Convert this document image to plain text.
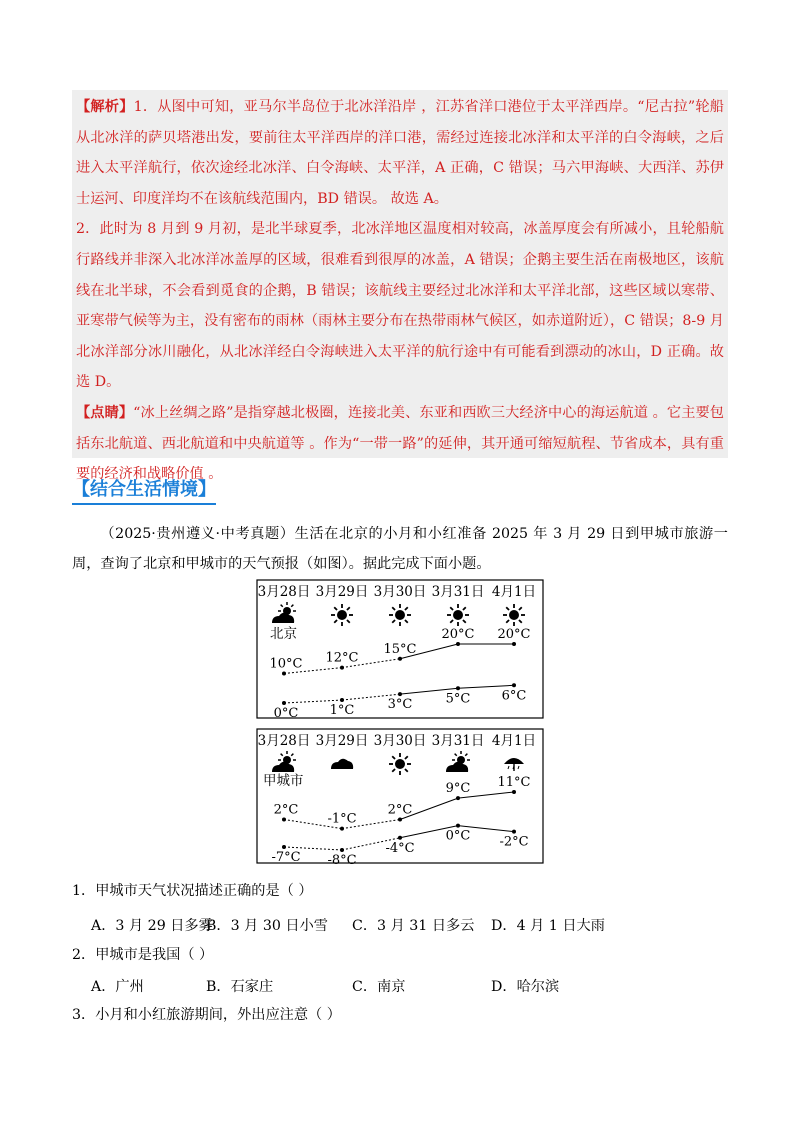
【解析】1．从图中可知，亚马尔半岛位于北冰洋沿岸 ，江苏省洋口港位于太平洋西岸。“尼古拉”轮船从北冰洋的萨贝塔港出发，要前往太平洋西岸的洋口港，需经过连接北冰洋和太平洋的白令海峡，之后进入太平洋航行，依次途经北冰洋、白令海峡、太平洋，A 正确，C 错误；马六甲海峡、大西洋、苏伊士运河、印度洋均不在该航线范围内，BD 错误。 故选 A。

2．此时为 8 月到 9 月初，是北半球夏季，北冰洋地区温度相对较高，冰盖厚度会有所减小，且轮船航行路线并非深入北冰洋冰盖厚的区域，很难看到很厚的冰盖，A 错误；企鹅主要生活在南极地区，该航线在北半球，不会看到觅食的企鹅，B 错误；该航线主要经过北冰洋和太平洋北部，这些区域以寒带、亚寒带气候等为主，没有密布的雨林（雨林主要分布在热带雨林气候区，如赤道附近），C 错误；8-9 月北冰洋部分冰川融化，从北冰洋经白令海峡进入太平洋的航行途中有可能看到漂动的冰山，D 正确。故选 D。

【点睛】“冰上丝绸之路”是指穿越北极圈，连接北美、东亚和西欧三大经济中心的海运航道 。它主要包括东北航道、西北航道和中央航道等 。作为“一带一路”的延伸，其开通可缩短航程、节省成本，具有重要的经济和战略价值 。

【结合生活情境】
（2025·贵州遵义·中考真题）生活在北京的小月和小红准备 2025 年 3 月 29 日到甲城市旅游一周，查询了北京和甲城市的天气预报（如图）。据此完成下面小题。
3月28日 3月29日 3月30日 3月31日 4月1日
北京
10°C 12°C
15°C
20°C 20°C
0°C 1°C	3°C	5°C 6°C
3月28日 3月29日 3月30日 3月31日 4月1日
甲城市
2°C
-1°C
2°C
9°C 11°C
-7°C -8°C
-4°C
0°C -2°C
1．甲城市天气状况描述正确的是（ ）
A．3 月 29 日多雾
B．3 月 30 日小雪 C．3 月 31 日多云 D．4 月 1 日大雨
2．甲城市是我国（ ）
A．广州	B．石家庄	C．南京	D．哈尔滨
3．小月和小红旅游期间，外出应注意（ ）
